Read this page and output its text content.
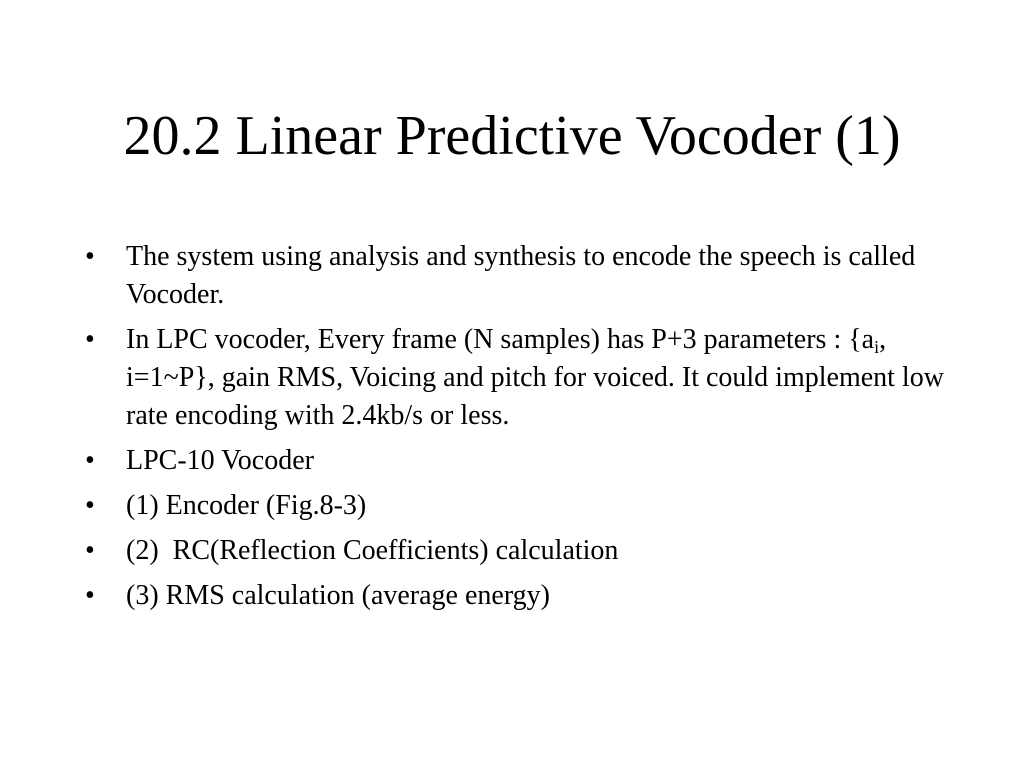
20.2 Linear Predictive Vocoder (1)
•	The system using analysis and synthesis to encode the speech is called Vocoder.
•	In LPC vocoder, Every frame (N samples) has P+3 parameters : {$a_i$, i=1~P}, gain RMS, Voicing and pitch for voiced. It could implement low rate encoding with 2.4kb/s or less.
•	LPC-10 Vocoder
•	(1) Encoder (Fig.8-3)
•	(2)  RC(Reflection Coefficients) calculation
•	(3) RMS calculation (average energy)
